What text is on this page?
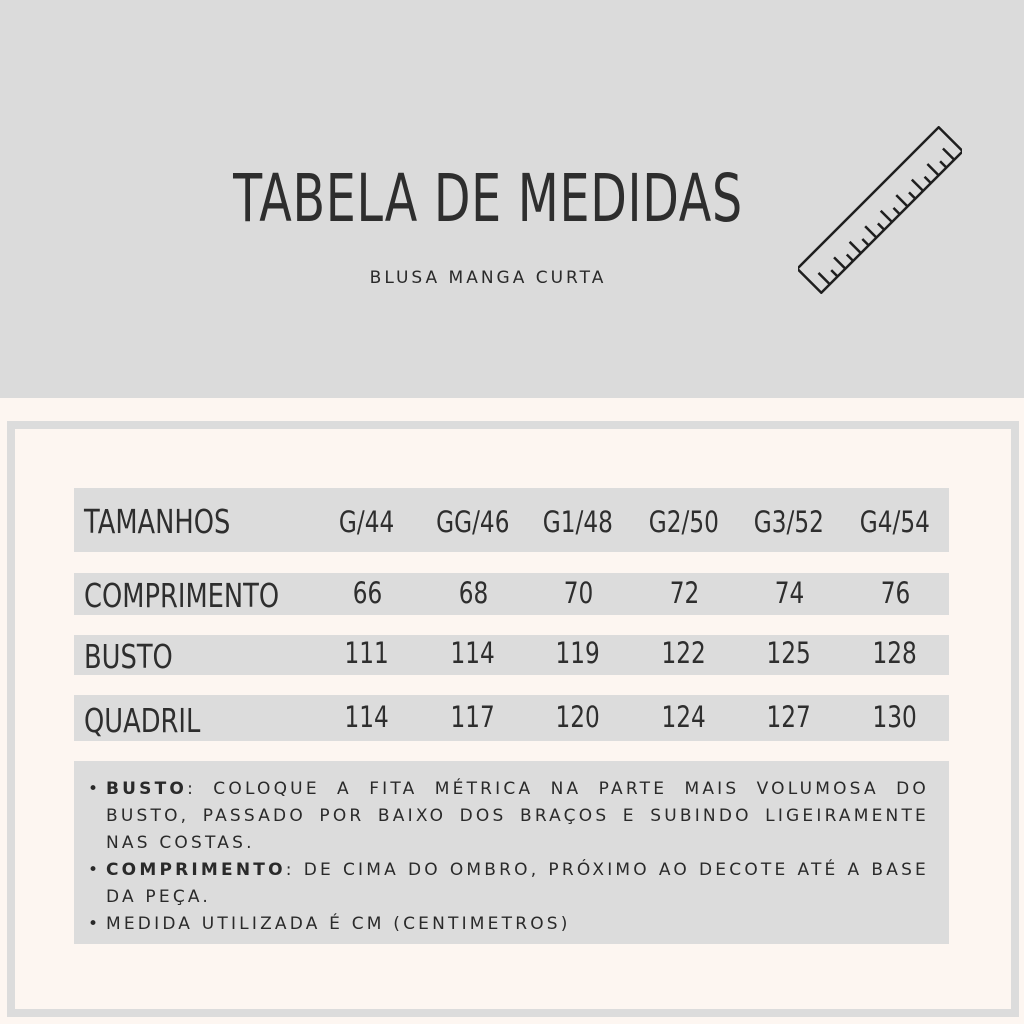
TABELA DE MEDIDAS
BLUSA MANGA CURTA
TAMANHOS	G/44	GG/46	G1/48	G2/50	G3/52	G4/54
COMPRIMENTO	66	68	70	72	74	76
BUSTO	111	114	119	122	125	128
QUADRIL	114	117	120	124	127	130
• BUSTO: COLOQUE A FITA MÉTRICA NA PARTE MAIS VOLUMOSA DO BUSTO, PASSADO POR BAIXO DOS BRAÇOS E SUBINDO LIGEIRAMENTE NAS COSTAS.
• COMPRIMENTO: DE CIMA DO OMBRO, PRÓXIMO AO DECOTE ATÉ A BASE DA PEÇA.
• MEDIDA UTILIZADA É CM (CENTIMETROS)
